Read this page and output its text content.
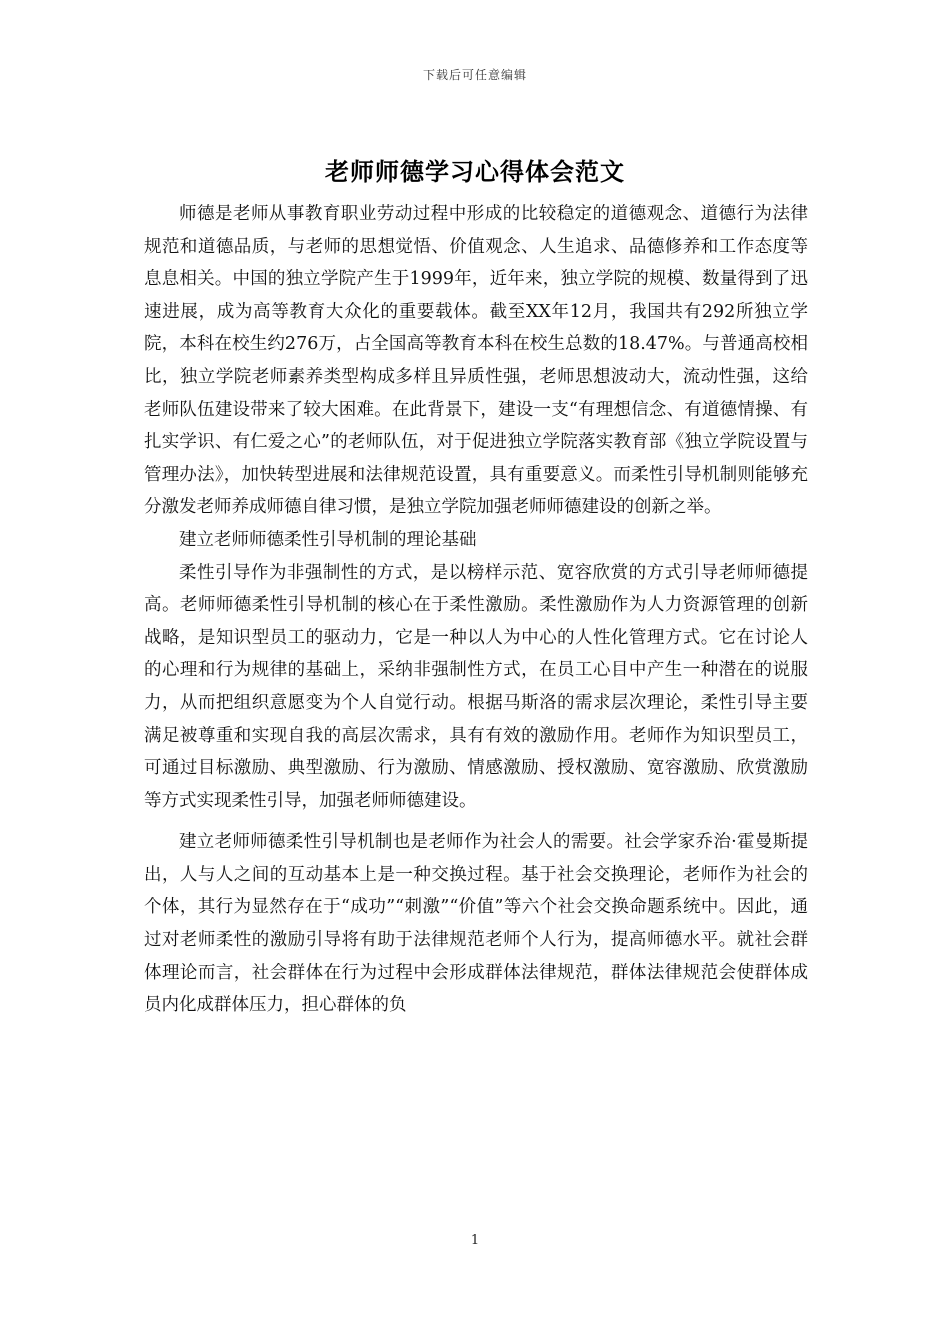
下载后可任意编辑
老师师德学习心得体会范文

师德是老师从事教育职业劳动过程中形成的比较稳定的道德观念、道德行为法律规范和道德品质，与老师的思想觉悟、价值观念、人生追求、品德修养和工作态度等息息相关。中国的独立学院产生于1999年，近年来，独立学院的规模、数量得到了迅速进展，成为高等教育大众化的重要载体。截至XX年12月，我国共有292所独立学院，本科在校生约276万，占全国高等教育本科在校生总数的18.47%。与普通高校相比，独立学院老师素养类型构成多样且异质性强，老师思想波动大，流动性强，这给老师队伍建设带来了较大困难。在此背景下，建设一支“有理想信念、有道德情操、有扎实学识、有仁爱之心”的老师队伍，对于促进独立学院落实教育部《独立学院设置与管理办法》，加快转型进展和法律规范设置，具有重要意义。而柔性引导机制则能够充分激发老师养成师德自律习惯，是独立学院加强老师师德建设的创新之举。

建立老师师德柔性引导机制的理论基础

柔性引导作为非强制性的方式，是以榜样示范、宽容欣赏的方式引导老师师德提高。老师师德柔性引导机制的核心在于柔性激励。柔性激励作为人力资源管理的创新战略，是知识型员工的驱动力，它是一种以人为中心的人性化管理方式。它在讨论人的心理和行为规律的基础上，采纳非强制性方式，在员工心目中产生一种潜在的说服力，从而把组织意愿变为个人自觉行动。根据马斯洛的需求层次理论，柔性引导主要满足被尊重和实现自我的高层次需求，具有有效的激励作用。老师作为知识型员工，可通过目标激励、典型激励、行为激励、情感激励、授权激励、宽容激励、欣赏激励等方式实现柔性引导，加强老师师德建设。

建立老师师德柔性引导机制也是老师作为社会人的需要。社会学家乔治·霍曼斯提出，人与人之间的互动基本上是一种交换过程。基于社会交换理论，老师作为社会的个体，其行为显然存在于“成功”“刺激”“价值”等六个社会交换命题系统中。因此，通过对老师柔性的激励引导将有助于法律规范老师个人行为，提高师德水平。就社会群体理论而言，社会群体在行为过程中会形成群体法律规范，群体法律规范会使群体成员内化成群体压力，担心群体的负

1
